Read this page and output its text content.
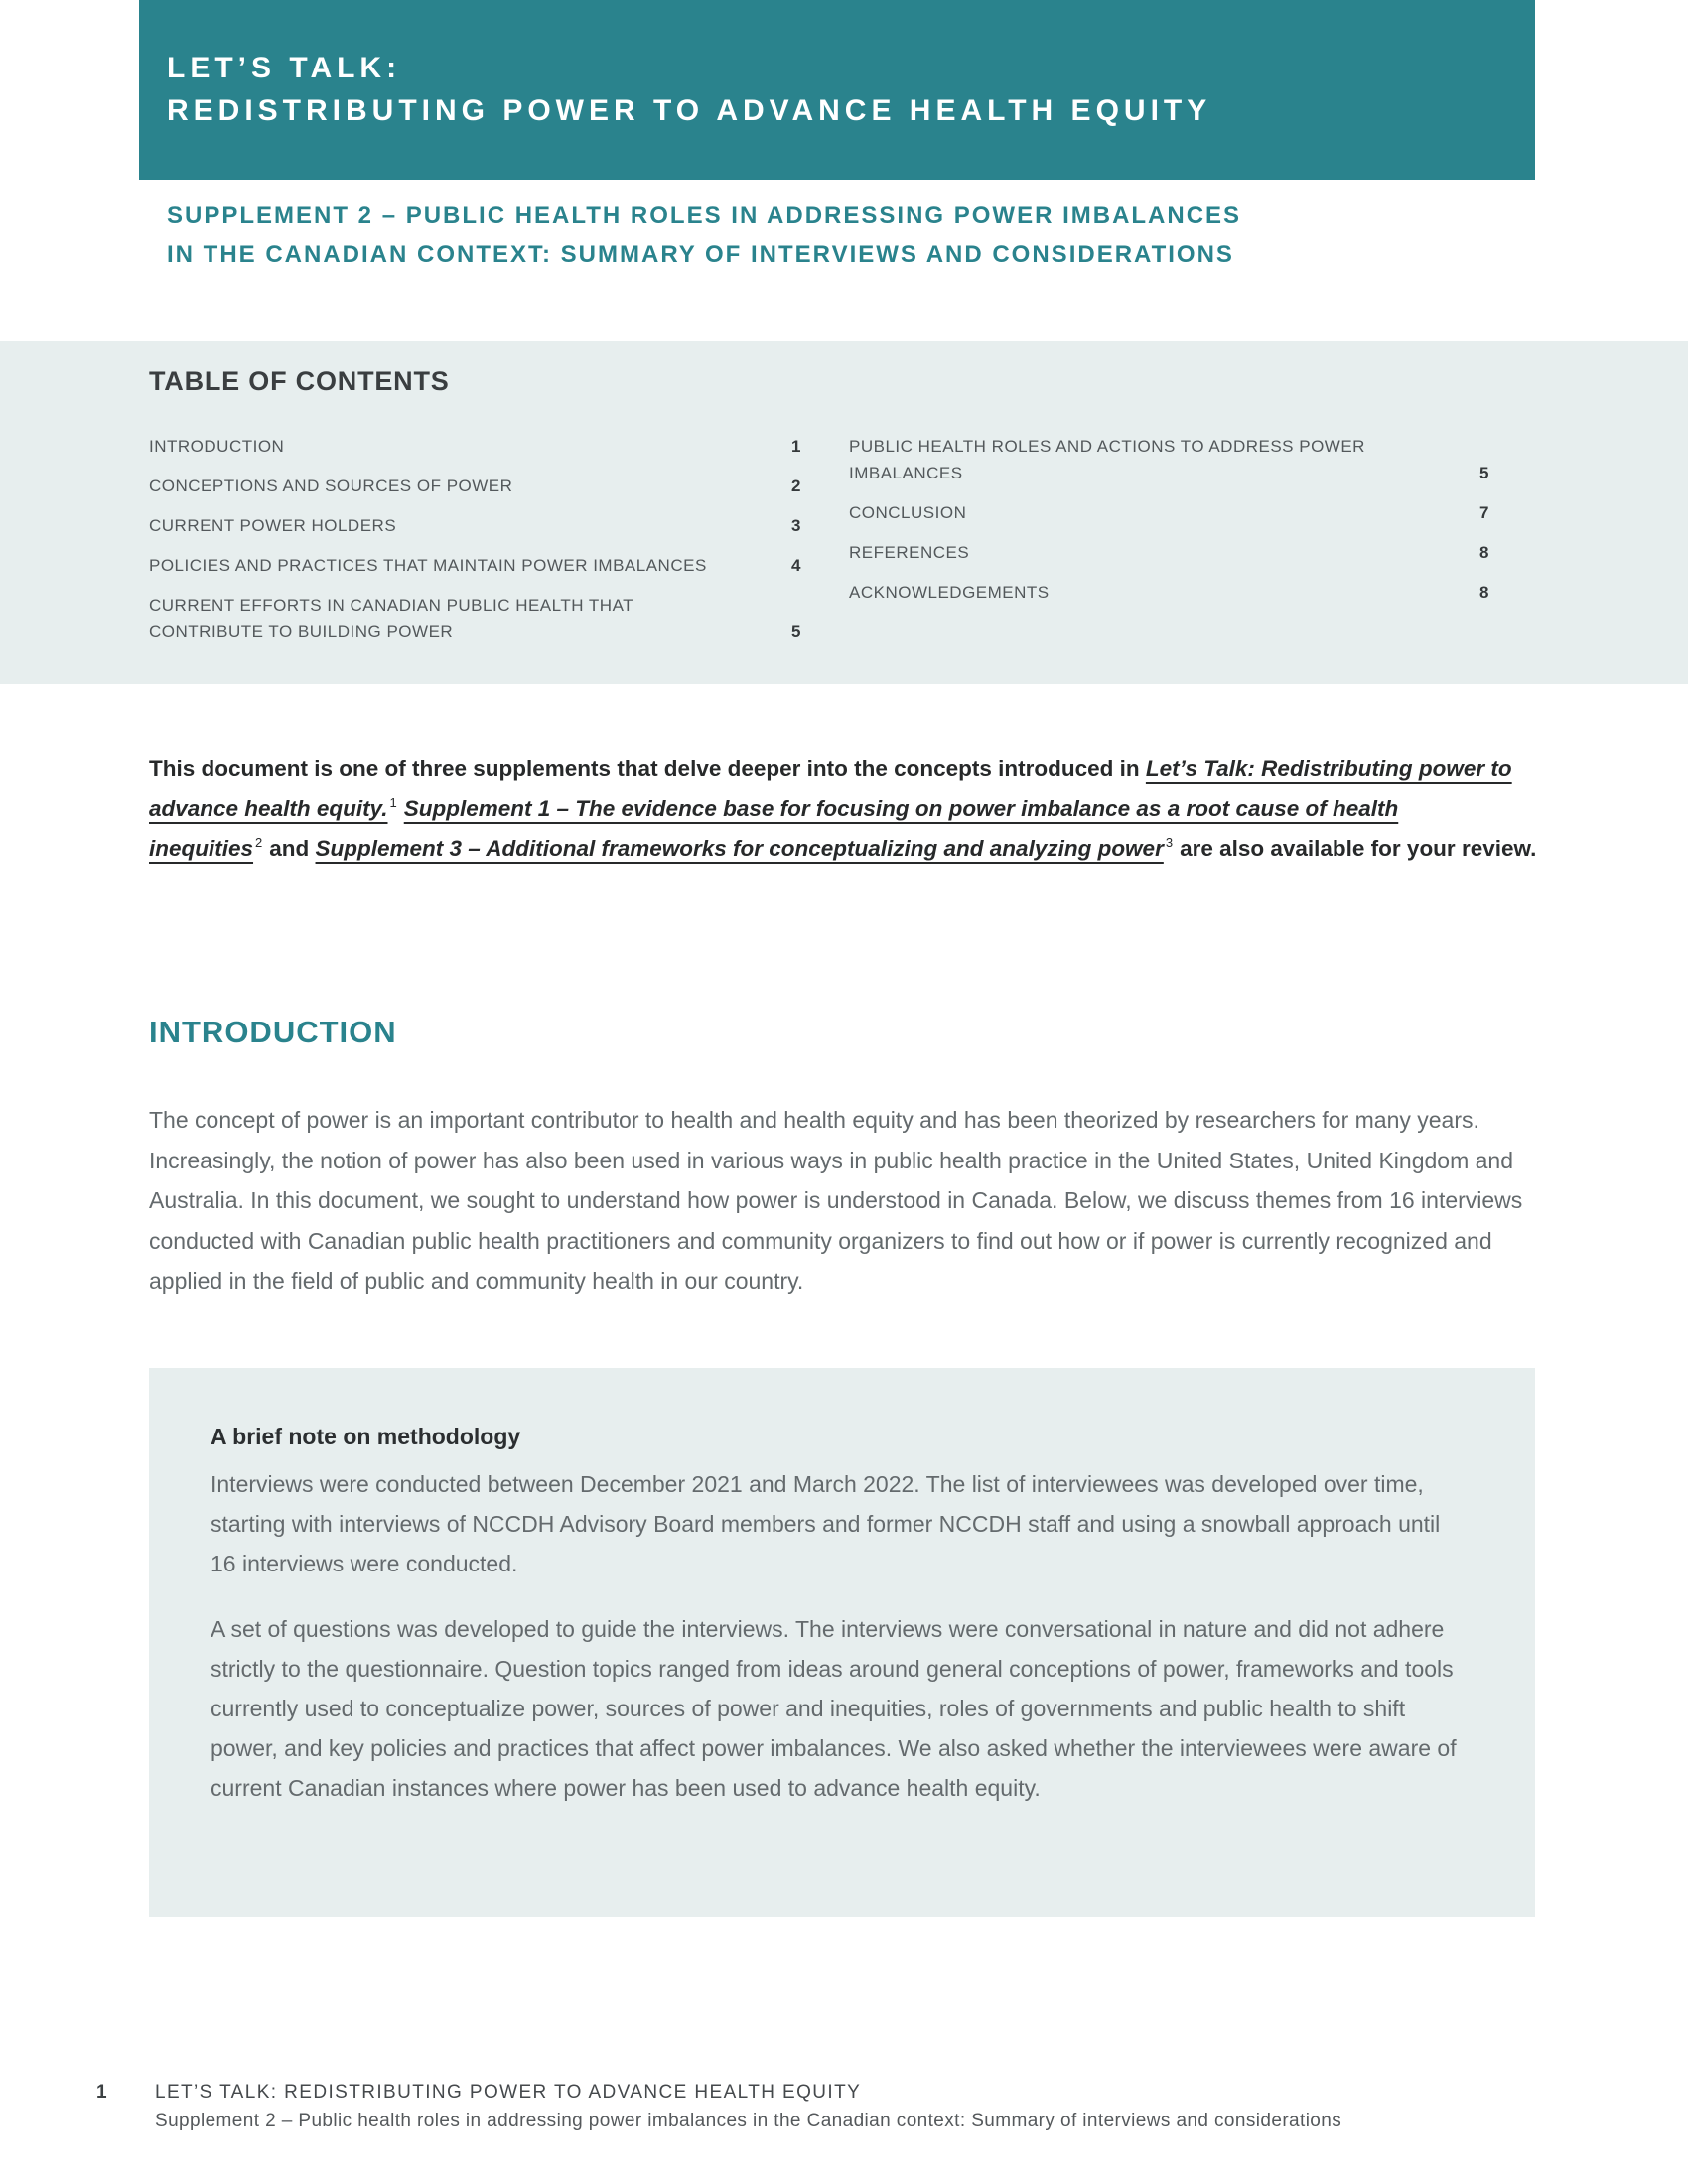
LET’S TALK:
REDISTRIBUTING POWER TO ADVANCE HEALTH EQUITY
SUPPLEMENT 2 – PUBLIC HEALTH ROLES IN ADDRESSING POWER IMBALANCES
IN THE CANADIAN CONTEXT: SUMMARY OF INTERVIEWS AND CONSIDERATIONS
TABLE OF CONTENTS
INTRODUCTION	1
CONCEPTIONS AND SOURCES OF POWER	2
CURRENT POWER HOLDERS	3
POLICIES AND PRACTICES THAT MAINTAIN POWER IMBALANCES	4
CURRENT EFFORTS IN CANADIAN PUBLIC HEALTH THAT CONTRIBUTE TO BUILDING POWER	5
PUBLIC HEALTH ROLES AND ACTIONS TO ADDRESS POWER IMBALANCES	5
CONCLUSION	7
REFERENCES	8
ACKNOWLEDGEMENTS	8

This document is one of three supplements that delve deeper into the concepts introduced in Let’s Talk: Redistributing power to advance health equity. $^1$ Supplement 1 – The evidence base for focusing on power imbalance as a root cause of health inequities $^2$ and Supplement 3 – Additional frameworks for conceptualizing and analyzing power $^3$ are also available for your review.

INTRODUCTION

The concept of power is an important contributor to health and health equity and has been theorized by researchers for many years. Increasingly, the notion of power has also been used in various ways in public health practice in the United States, United Kingdom and Australia. In this document, we sought to understand how power is understood in Canada. Below, we discuss themes from 16 interviews conducted with Canadian public health practitioners and community organizers to find out how or if power is currently recognized and applied in the field of public and community health in our country.

A brief note on methodology

Interviews were conducted between December 2021 and March 2022. The list of interviewees was developed over time, starting with interviews of NCCDH Advisory Board members and former NCCDH staff and using a snowball approach until 16 interviews were conducted.

A set of questions was developed to guide the interviews. The interviews were conversational in nature and did not adhere strictly to the questionnaire. Question topics ranged from ideas around general conceptions of power, frameworks and tools currently used to conceptualize power, sources of power and inequities, roles of governments and public health to shift power, and key policies and practices that affect power imbalances. We also asked whether the interviewees were aware of current Canadian instances where power has been used to advance health equity.

1	LET’S TALK: REDISTRIBUTING POWER TO ADVANCE HEALTH EQUITY
Supplement 2 – Public health roles in addressing power imbalances in the Canadian context: Summary of interviews and considerations
